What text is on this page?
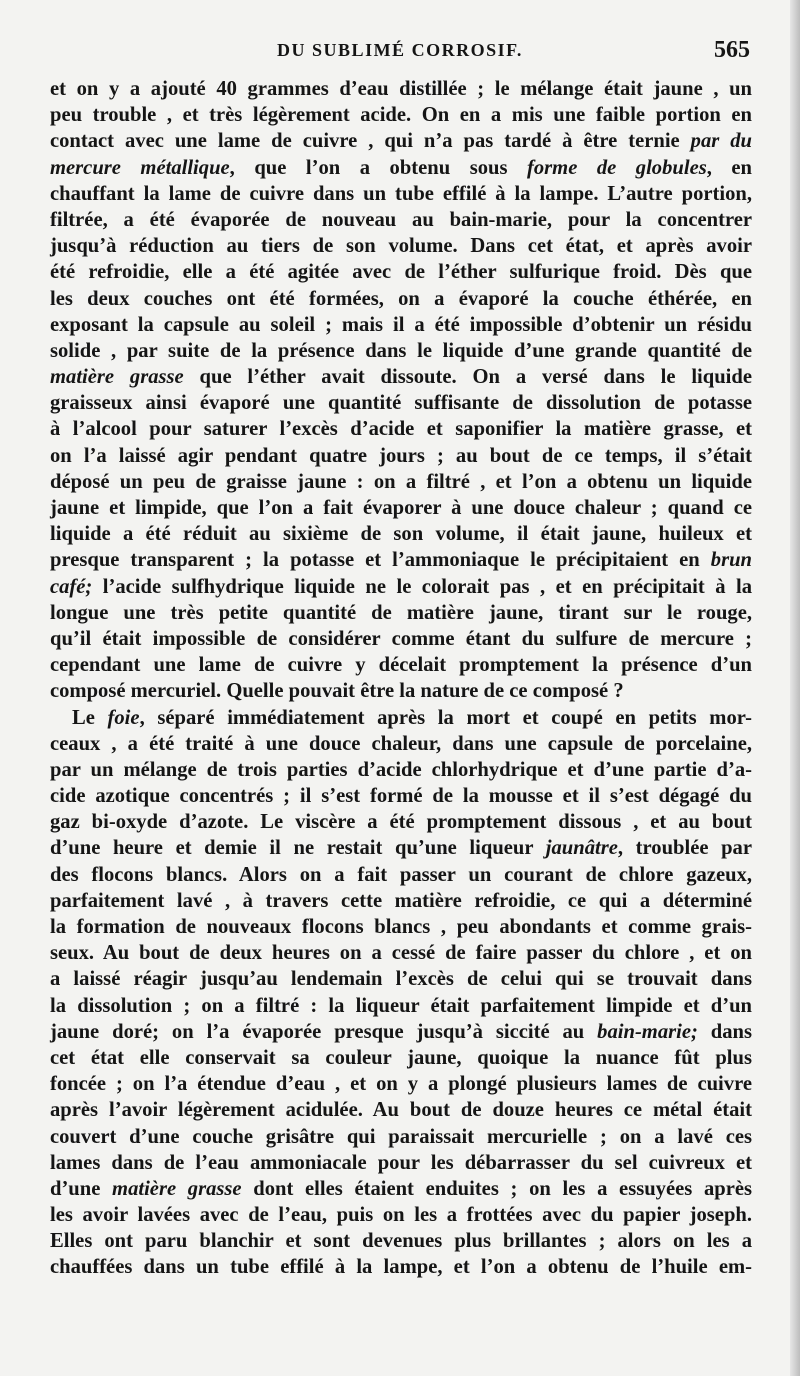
DU SUBLIMÉ CORROSIF.	565
et on y a ajouté 40 grammes d’eau distillée ; le mélange était jaune , un
peu trouble , et très légèrement acide. On en a mis une faible portion en
contact avec une lame de cuivre , qui n’a pas tardé à être ternie par du
mercure métallique, que l’on a obtenu sous forme de globules, en
chauffant la lame de cuivre dans un tube effilé à la lampe. L’autre portion,
filtrée, a été évaporée de nouveau au bain-marie, pour la concentrer
jusqu’à réduction au tiers de son volume. Dans cet état, et après avoir
été refroidie, elle a été agitée avec de l’éther sulfurique froid. Dès que
les deux couches ont été formées, on a évaporé la couche éthérée, en
exposant la capsule au soleil ; mais il a été impossible d’obtenir un résidu
solide , par suite de la présence dans le liquide d’une grande quantité de
matière grasse que l’éther avait dissoute. On a versé dans le liquide
graisseux ainsi évaporé une quantité suffisante de dissolution de potasse
à l’alcool pour saturer l’excès d’acide et saponifier la matière grasse, et
on l’a laissé agir pendant quatre jours ; au bout de ce temps, il s’était
déposé un peu de graisse jaune : on a filtré , et l’on a obtenu un liquide
jaune et limpide, que l’on a fait évaporer à une douce chaleur ; quand ce
liquide a été réduit au sixième de son volume, il était jaune, huileux et
presque transparent ; la potasse et l’ammoniaque le précipitaient en brun
café; l’acide sulfhydrique liquide ne le colorait pas , et en précipitait à la
longue une très petite quantité de matière jaune, tirant sur le rouge,
qu’il était impossible de considérer comme étant du sulfure de mercure ;
cependant une lame de cuivre y décelait promptement la présence d’un
composé mercuriel. Quelle pouvait être la nature de ce composé ?
Le foie, séparé immédiatement après la mort et coupé en petits mor-
ceaux , a été traité à une douce chaleur, dans une capsule de porcelaine,
par un mélange de trois parties d’acide chlorhydrique et d’une partie d’a-
cide azotique concentrés ; il s’est formé de la mousse et il s’est dégagé du
gaz bi-oxyde d’azote. Le viscère a été promptement dissous , et au bout
d’une heure et demie il ne restait qu’une liqueur jaunâtre, troublée par
des flocons blancs. Alors on a fait passer un courant de chlore gazeux,
parfaitement lavé , à travers cette matière refroidie, ce qui a déterminé
la formation de nouveaux flocons blancs , peu abondants et comme grais-
seux. Au bout de deux heures on a cessé de faire passer du chlore , et on
a laissé réagir jusqu’au lendemain l’excès de celui qui se trouvait dans
la dissolution ; on a filtré : la liqueur était parfaitement limpide et d’un
jaune doré; on l’a évaporée presque jusqu’à siccité au bain-marie; dans
cet état elle conservait sa couleur jaune, quoique la nuance fût plus
foncée ; on l’a étendue d’eau , et on y a plongé plusieurs lames de cuivre
après l’avoir légèrement acidulée. Au bout de douze heures ce métal était
couvert d’une couche grisâtre qui paraissait mercurielle ; on a lavé ces
lames dans de l’eau ammoniacale pour les débarrasser du sel cuivreux et
d’une matière grasse dont elles étaient enduites ; on les a essuyées après
les avoir lavées avec de l’eau, puis on les a frottées avec du papier joseph.
Elles ont paru blanchir et sont devenues plus brillantes ; alors on les a
chauffées dans un tube effilé à la lampe, et l’on a obtenu de l’huile em-
